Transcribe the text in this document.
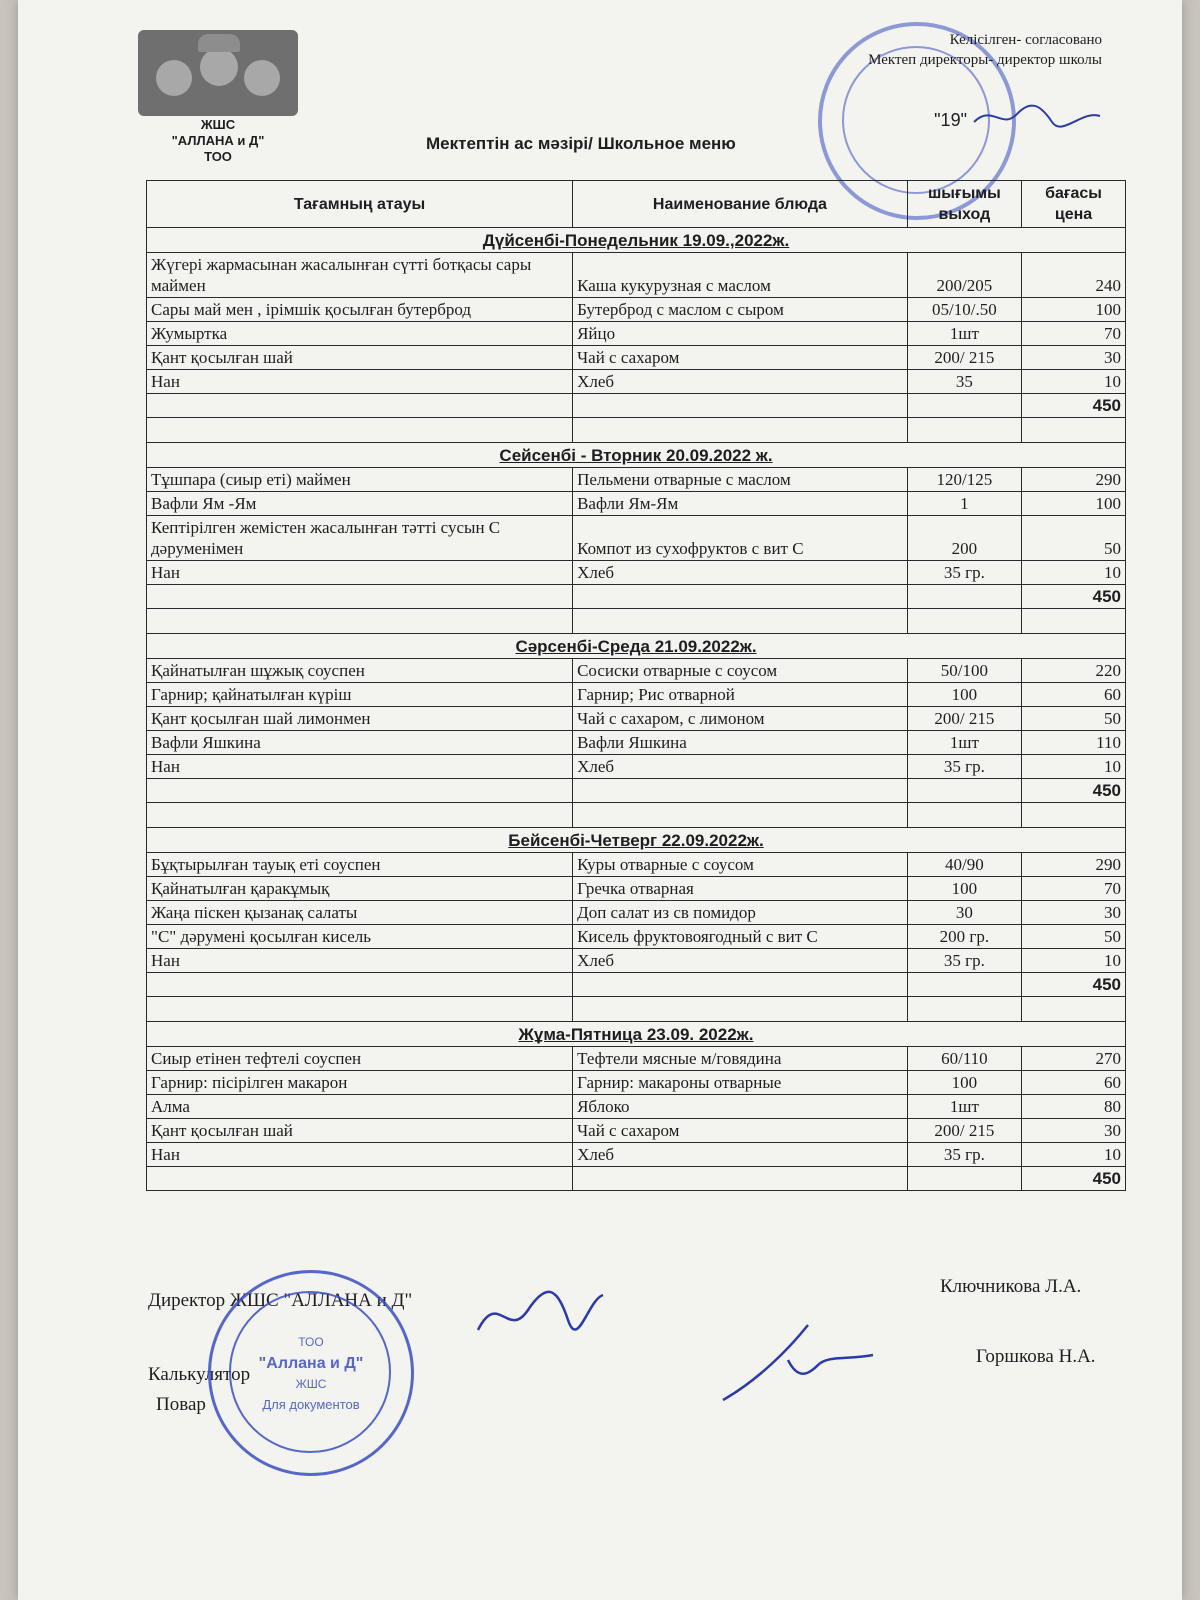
ЖШС
"АЛЛАНА и Д"
ТОО
Келісілген- согласовано
Мектеп директоры- директор школы
"19"
Мектептін ас мәзірі/ Школьное меню
Тағамның атауы	Наименование блюда	шығымы выход	бағасы цена
Дүйсенбі-Понедельник 19.09.,2022ж.			
Жүгері жармасынан жасалынған сүтті ботқасы сары маймен	Каша кукурузная с маслом	200/205	240
Сары май мен , ірімшік қосылған бутерброд	Бутерброд с маслом с сыром	05/10/.50	100
Жумыртка	Яйцо	1шт	70
Қант қосылған шай	Чай с сахаром	200/ 215	30
Нан	Хлеб	35	10
			450

Сейсенбі - Вторник 20.09.2022 ж.			
Тұшпара (сиыр еті) маймен	Пельмени отварные с маслом	120/125	290
Вафли Ям -Ям	Вафли Ям-Ям	1	100
Кептірілген жемістен жасалынған тәтті сусын С дәруменімен	Компот из сухофруктов с вит С	200	50
Нан	Хлеб	35 гр.	10
			450

Сәрсенбі-Среда 21.09.2022ж.			
Қайнатылған шұжық соуспен	Сосиски отварные с соусом	50/100	220
Гарнир; қайнатылған күріш	Гарнир; Рис отварной	100	60
Қант қосылған шай лимонмен	Чай с сахаром, с лимоном	200/ 215	50
Вафли Яшкина	Вафли Яшкина	1шт	110
Нан	Хлеб	35 гр.	10
			450

Бейсенбі-Четверг 22.09.2022ж.			
Бұқтырылған тауық еті соуспен	Куры отварные с соусом	40/90	290
Қайнатылған қаракұмық	Гречка отварная	100	70
Жаңа піскен қызанақ салаты	Доп салат из св помидор	30	30
"С" дәрумені қосылған кисель	Кисель фруктовоягодный с вит С	200 гр.	50
Нан	Хлеб	35 гр.	10
			450

Жұма-Пятница 23.09. 2022ж.			
Сиыр етінен тефтелі соуспен	Тефтели мясные м/говядина	60/110	270
Гарнир: пісірілген макарон	Гарнир: макароны отварные	100	60
Алма	Яблоко	1шт	80
Қант қосылған шай	Чай с сахаром	200/ 215	30
Нан	Хлеб	35 гр.	10
			450
Директор ЖШС "АЛЛАНА и Д"
Ключникова Л.А.
Калькулятор
Повар
Горшкова Н.А.
ТОО
"Аллана и Д"
ЖШС
Для документов
